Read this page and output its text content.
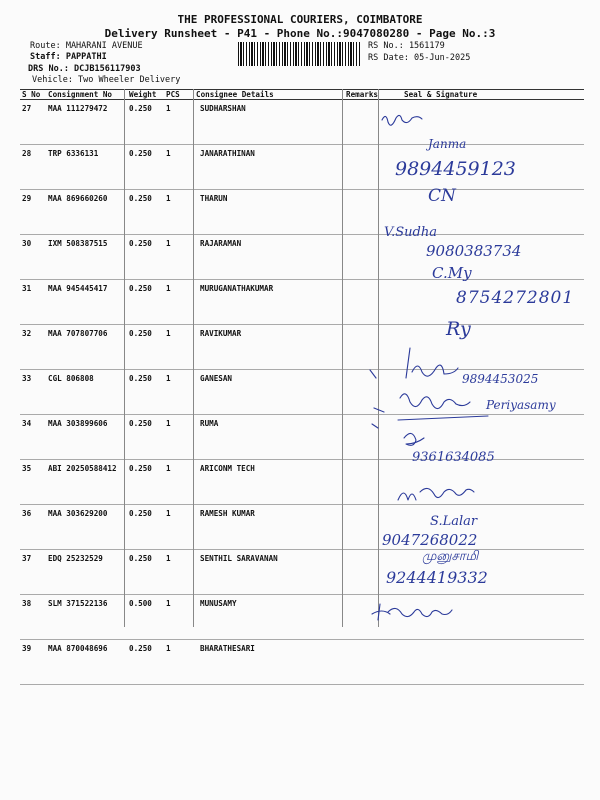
THE PROFESSIONAL COURIERS, COIMBATORE
Delivery Runsheet - P41 - Phone No.:9047080280 - Page No.:3
Route: MAHARANI AVENUE
Staff: PAPPATHI
DRS No.: DCJB156117903
Vehicle: Two Wheeler Delivery
RS No.: 1561179
RS Date: 05-Jun-2025
S No	Consignment No	Weight	PCS	Consignee Details	Remarks	Seal & Signature
27	MAA 111279472	0.250	1	SUDHARSHAN		
28	TRP 6336131	0.250	1	JANARATHINAN		
29	MAA 869660260	0.250	1	THARUN		
30	IXM 508387515	0.250	1	RAJARAMAN		
31	MAA 945445417	0.250	1	MURUGANATHAKUMAR		
32	MAA 707807706	0.250	1	RAVIKUMAR		
33	CGL 806808	0.250	1	GANESAN		
34	MAA 303899606	0.250	1	RUMA		
35	ABI 20250588412	0.250	1	ARICONM TECH		
36	MAA 303629200	0.250	1	RAMESH KUMAR		
37	EDQ 25232529	0.250	1	SENTHIL SARAVANAN		
38	SLM 371522136	0.500	1	MUNUSAMY		
39	MAA 870048696	0.250	1	BHARATHESARI		
Janma
9894459123
CN
V.Sudha
9080383734
C.My
8754272801
Ry
9894453025
Periyasamy
9361634085
S.Lalar
9047268022
முனுசாமி
9244419332
